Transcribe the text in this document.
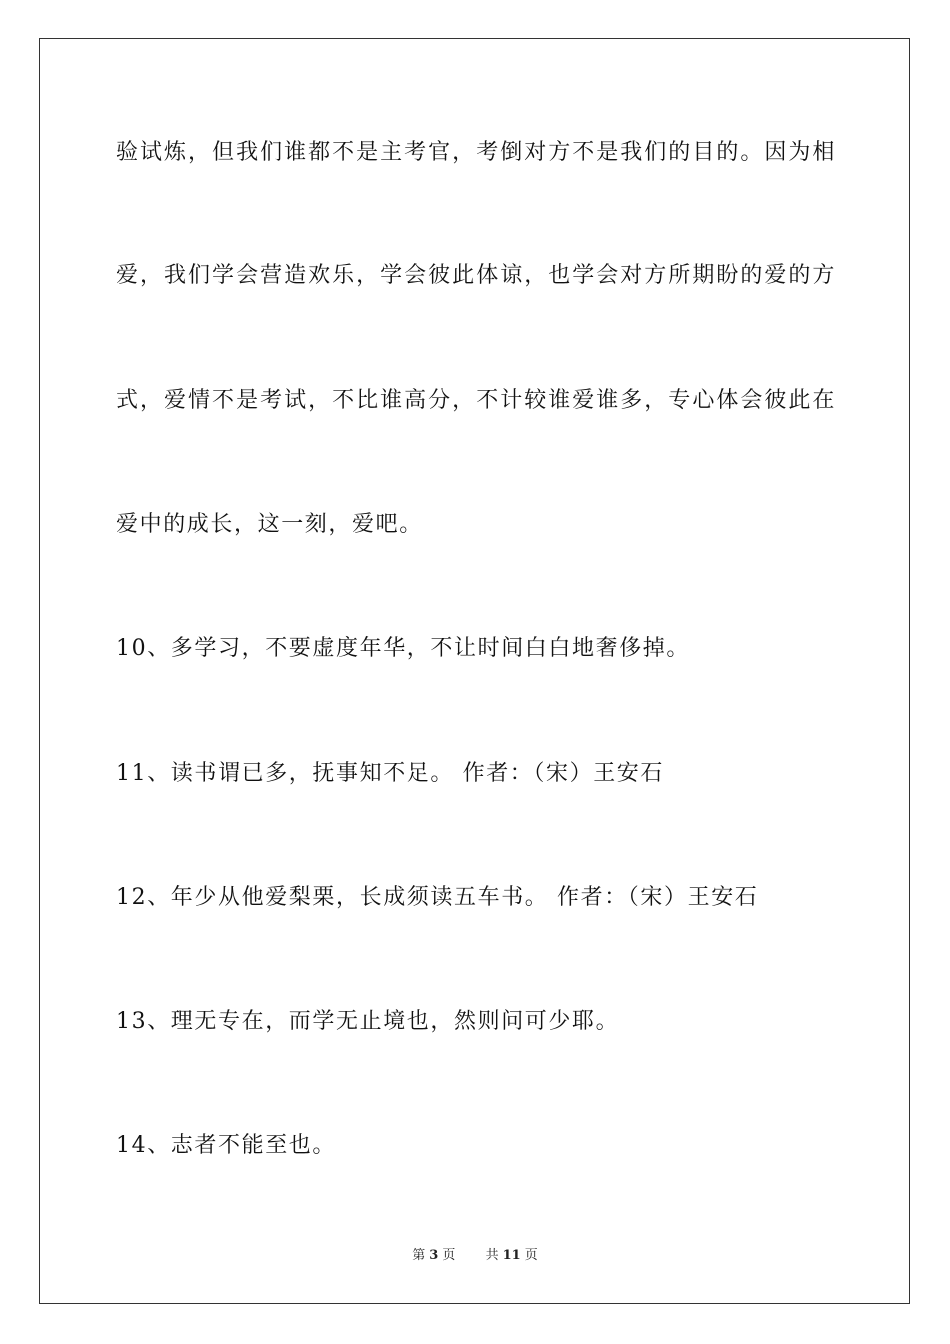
验试炼，但我们谁都不是主考官，考倒对方不是我们的目的。因为相
爱，我们学会营造欢乐，学会彼此体谅，也学会对方所期盼的爱的方
式，爱情不是考试，不比谁高分，不计较谁爱谁多，专心体会彼此在
爱中的成长，这一刻，爱吧。
10、多学习，不要虚度年华，不让时间白白地奢侈掉。
11、读书谓已多，抚事知不足。 作者：（宋）王安石
12、年少从他爱梨栗，长成须读五车书。 作者：（宋）王安石
13、理无专在，而学无止境也，然则问可少耶。
14、志者不能至也。
第 3 页 共 11 页
